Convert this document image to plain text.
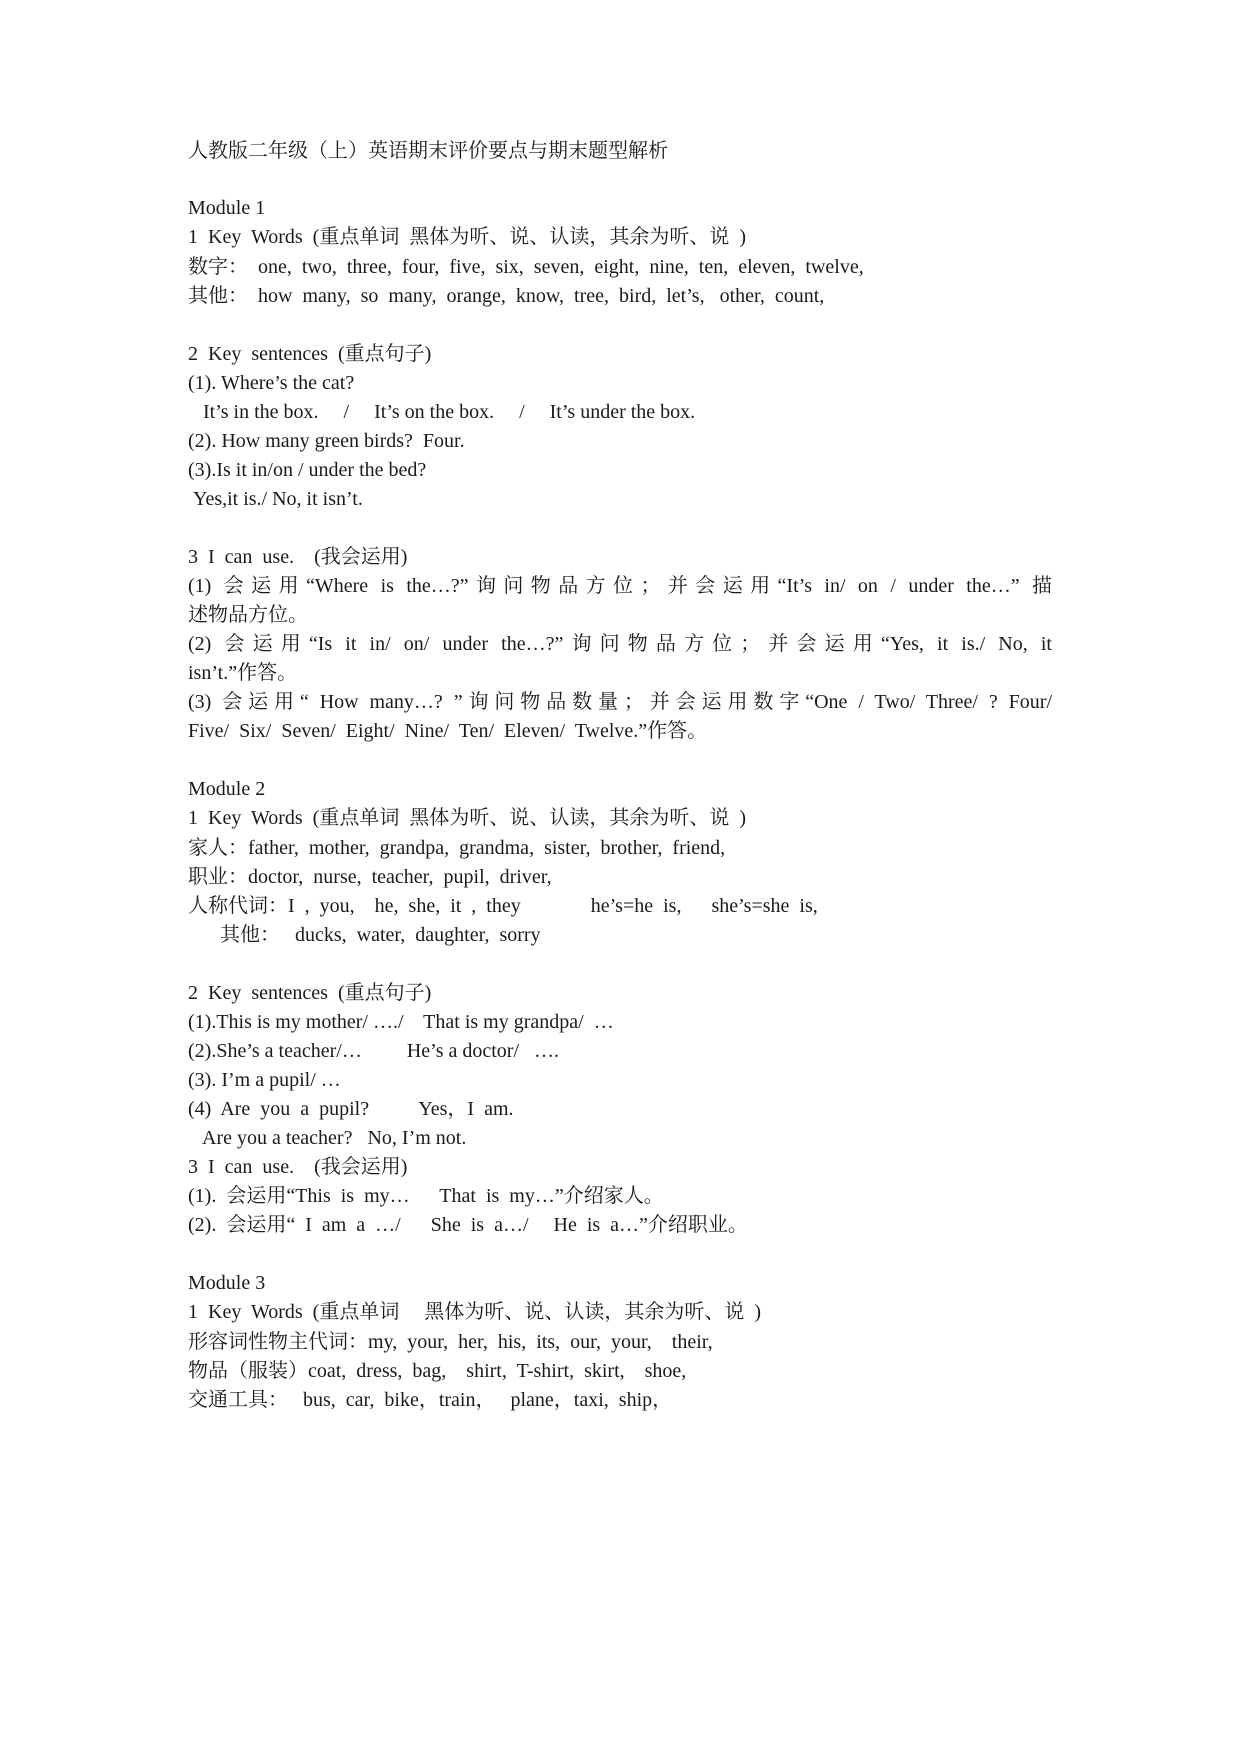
人教版二年级（上）英语期末评价要点与期末题型解析
Module 1
1  Key  Words  (重点单词  黑体为听、说、认读，其余为听、说  )
数字：  one,  two,  three,  four,  five,  six,  seven,  eight,  nine,  ten,  eleven,  twelve,
其他：  how  many,  so  many,  orange,  know,  tree,  bird,  let’s,   other,  count,
2  Key  sentences  (重点句子)
(1). Where’s the cat?
It’s in the box.     /     It’s on the box.     /     It’s under the box.
(2). How many green birds?  Four.
(3).Is it in/on / under the bed?
Yes,it is./ No, it isn’t.
3  I  can  use.    (我会运用)
(1) 会运用“Where is the…?”询问物品方位；并会运用“It’s in/ on / under the…” 描
述物品方位。
(2) 会运用“Is it in/ on/ under the…?”询问物品方位；并会运用“Yes, it is./ No, it
isn’t.”作答。
(3) 会运用“ How many…? ”询问物品数量；并会运用数字“One / Two/ Three/ ? Four/
Five/  Six/  Seven/  Eight/  Nine/  Ten/  Eleven/  Twelve.”作答。
Module 2
1  Key  Words  (重点单词  黑体为听、说、认读，其余为听、说  )
家人：father,  mother,  grandpa,  grandma,  sister,  brother,  friend,
职业：doctor,  nurse,  teacher,  pupil,  driver,
人称代词：I  ,  you,    he,  she,  it  ,  they              he’s=he  is,      she’s=she  is,
其他：   ducks,  water,  daughter,  sorry
2  Key  sentences  (重点句子)
(1).This is my mother/ …./    That is my grandpa/  …
(2).She’s a teacher/…         He’s a doctor/   ….
(3). I’m a pupil/ …
(4)  Are  you  a  pupil?          Yes，I  am.
Are you a teacher?   No, I’m not.
3  I  can  use.    (我会运用)
(1).  会运用“This  is  my…      That  is  my…”介绍家人。
(2).  会运用“  I  am  a  …/      She  is  a…/     He  is  a…”介绍职业。
Module 3
1  Key  Words  (重点单词     黑体为听、说、认读，其余为听、说  )
形容词性物主代词：my,  your,  her,  his,  its,  our,  your,    their,
物品（服装）coat,  dress,  bag,    shirt,  T-shirt,  skirt,    shoe,
交通工具：   bus,  car,  bike，train，   plane，taxi,  ship，
